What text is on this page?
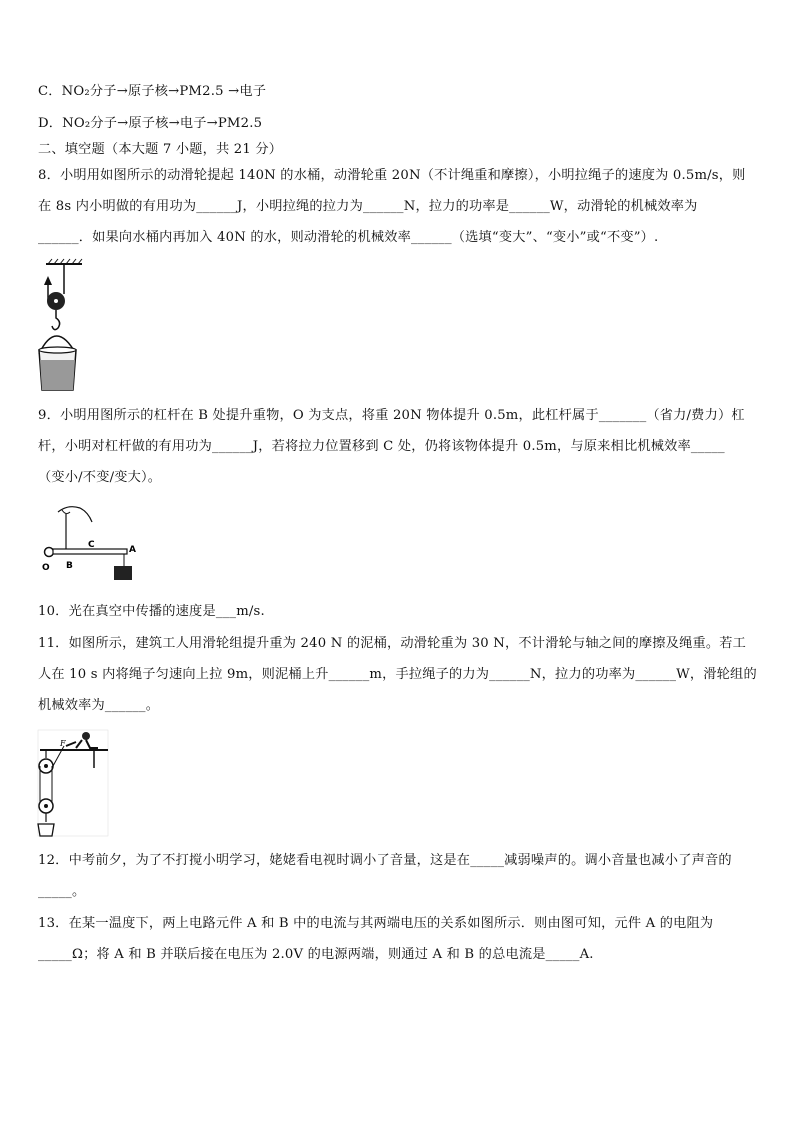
C．NO₂分子→原子核→PM2.5 →电子
D．NO₂分子→原子核→电子→PM2.5
二、填空题（本大题 7 小题，共 21 分）
8．小明用如图所示的动滑轮提起 140N 的水桶，动滑轮重 20N（不计绳重和摩擦），小明拉绳子的速度为 0.5m/s，则
在 8s 内小明做的有用功为______J，小明拉绳的拉力为______N，拉力的功率是______W，动滑轮的机械效率为
______．如果向水桶内再加入 40N 的水，则动滑轮的机械效率______（选填“变大”、“变小”或“不变”）.
9．小明用图所示的杠杆在 B 处提升重物，O 为支点，将重 20N 物体提升 0.5m，此杠杆属于_______（省力/费力）杠
杆，小明对杠杆做的有用功为______J，若将拉力位置移到 C 处，仍将该物体提升 0.5m，与原来相比机械效率_____
（变小/不变/变大）。
O B
C	A
10．光在真空中传播的速度是___m/s.
11．如图所示，建筑工人用滑轮组提升重为 240 N 的泥桶，动滑轮重为 30 N，不计滑轮与轴之间的摩擦及绳重。若工
人在 10 s 内将绳子匀速向上拉 9m，则泥桶上升______m，手拉绳子的力为______N，拉力的功率为______W，滑轮组的
机械效率为______。
F
12．中考前夕，为了不打搅小明学习，姥姥看电视时调小了音量，这是在_____减弱噪声的。调小音量也减小了声音的
_____。
13．在某一温度下，两上电路元件 A 和 B 中的电流与其两端电压的关系如图所示．则由图可知，元件 A 的电阻为
_____Ω；将 A 和 B 并联后接在电压为 2.0V 的电源两端，则通过 A 和 B 的总电流是_____A.
